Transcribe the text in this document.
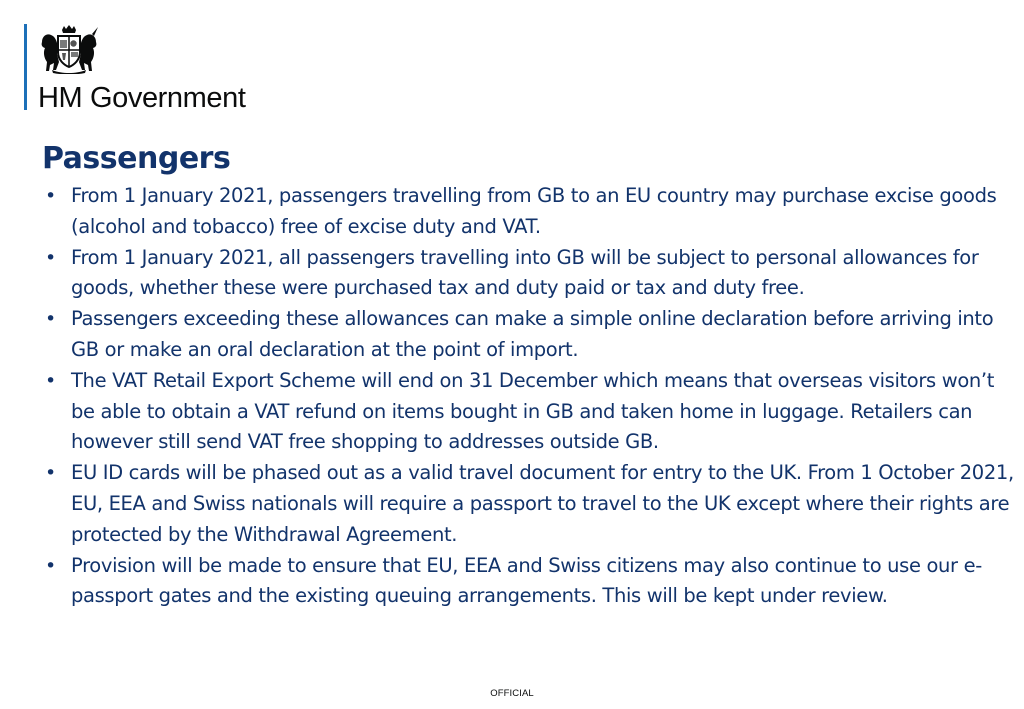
HM Government
Passengers
• From 1 January 2021, passengers travelling from GB to an EU country may purchase excise goods (alcohol and tobacco) free of excise duty and VAT.
• From 1 January 2021, all passengers travelling into GB will be subject to personal allowances for goods, whether these were purchased tax and duty paid or tax and duty free.
• Passengers exceeding these allowances can make a simple online declaration before arriving into GB or make an oral declaration at the point of import.
• The VAT Retail Export Scheme will end on 31 December which means that overseas visitors won’t be able to obtain a VAT refund on items bought in GB and taken home in luggage. Retailers can however still send VAT free shopping to addresses outside GB.
• EU ID cards will be phased out as a valid travel document for entry to the UK. From 1 October 2021, EU, EEA and Swiss nationals will require a passport to travel to the UK except where their rights are protected by the Withdrawal Agreement.
• Provision will be made to ensure that EU, EEA and Swiss citizens may also continue to use our e-passport gates and the existing queuing arrangements. This will be kept under review.
OFFICIAL
